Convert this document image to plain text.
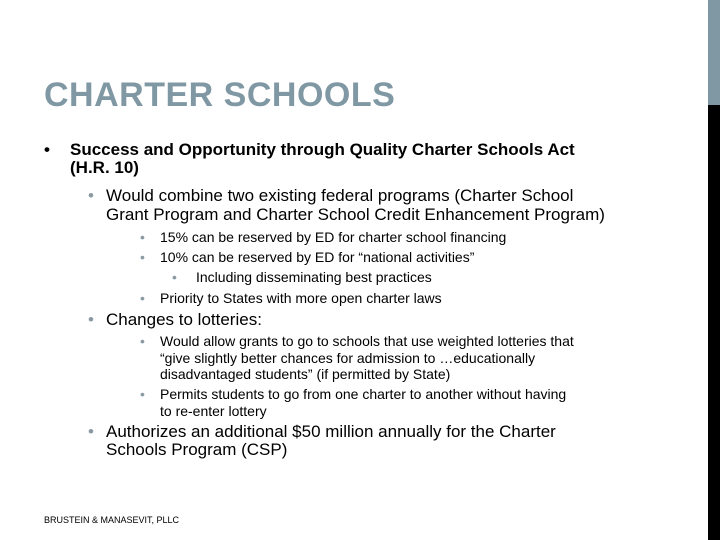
CHARTER SCHOOLS
• Success and Opportunity through Quality Charter Schools Act
(H.R. 10)
• Would combine two existing federal programs (Charter School
Grant Program and Charter School Credit Enhancement Program)
• 15% can be reserved by ED for charter school financing
• 10% can be reserved by ED for “national activities”
• Including disseminating best practices
• Priority to States with more open charter laws
• Changes to lotteries:
• Would allow grants to go to schools that use weighted lotteries that
“give slightly better chances for admission to …educationally
disadvantaged students” (if permitted by State)
• Permits students to go from one charter to another without having
to re-enter lottery
• Authorizes an additional $50 million annually for the Charter
Schools Program (CSP)
BRUSTEIN & MANASEVIT, PLLC
